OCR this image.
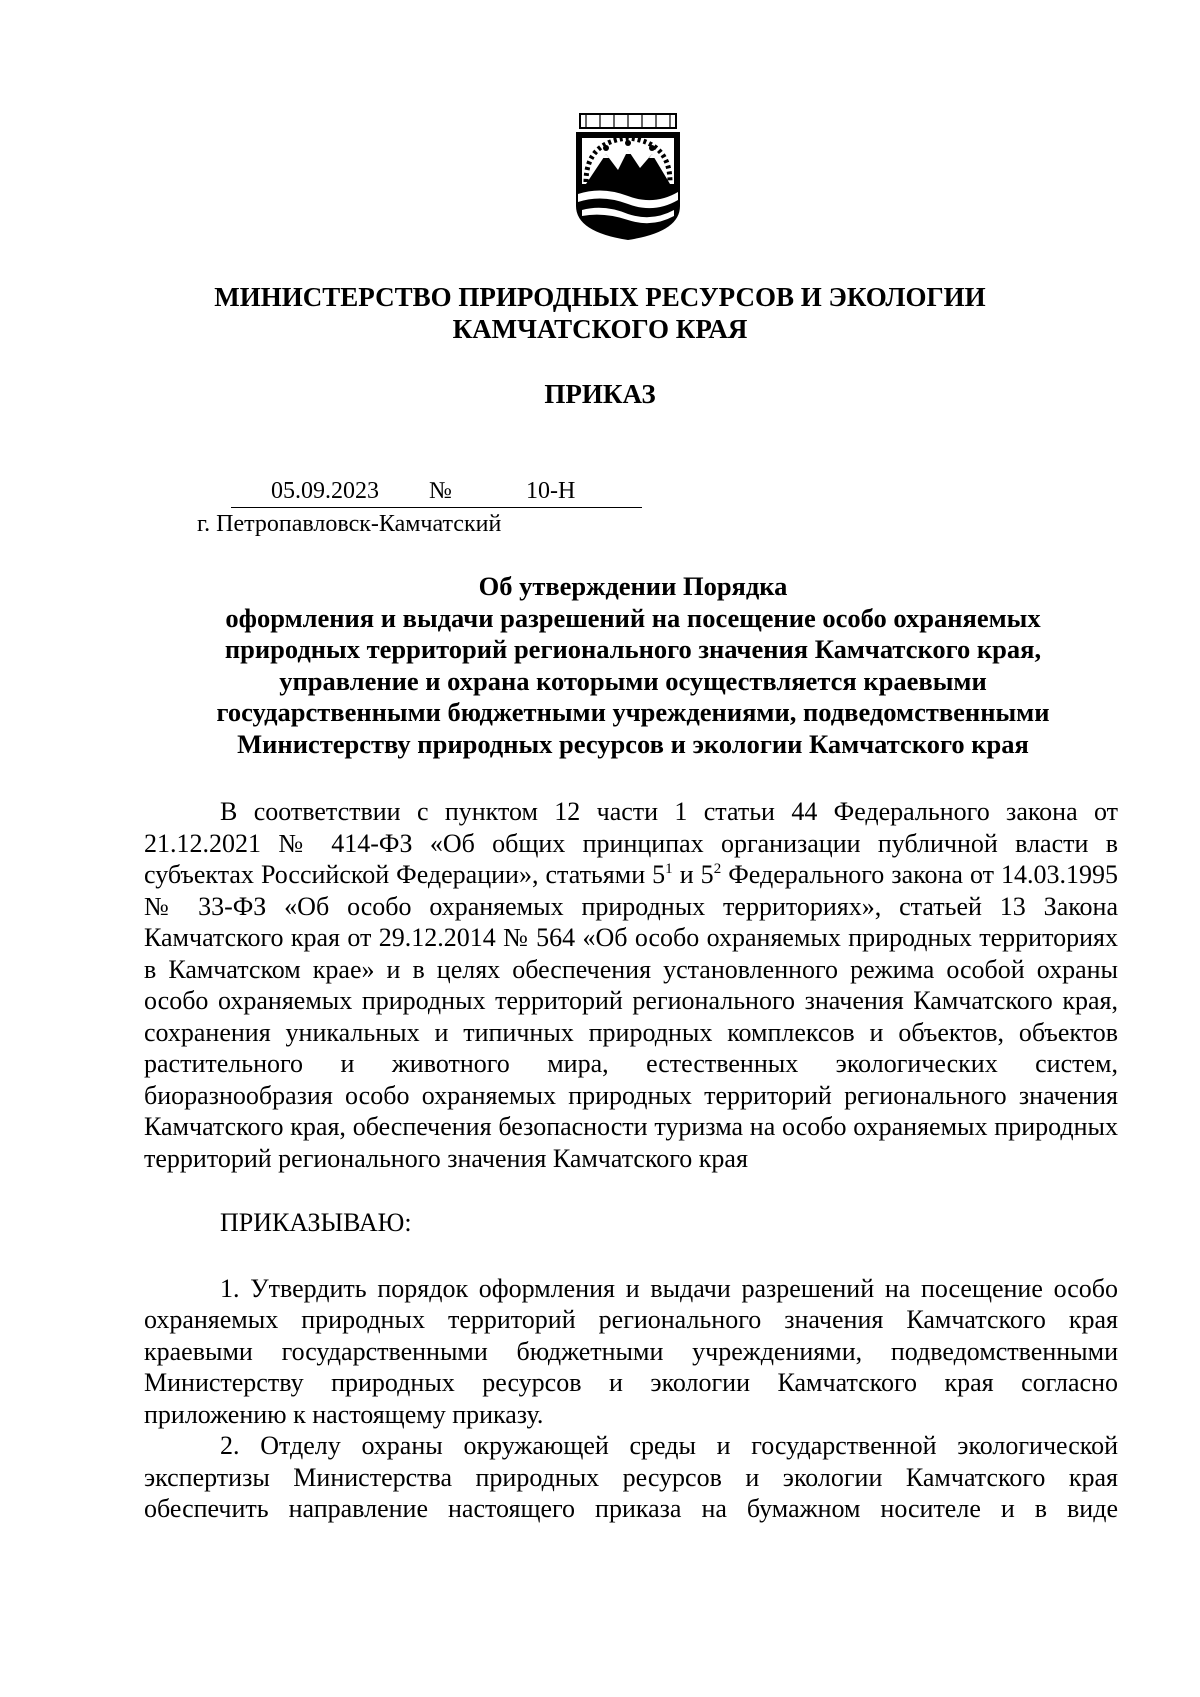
МИНИСТЕРСТВО ПРИРОДНЫХ РЕСУРСОВ И ЭКОЛОГИИ
КАМЧАТСКОГО КРАЯ
ПРИКАЗ
05.09.2023 №	10-Н
г. Петропавловск-Камчатский
Об утверждении Порядка
оформления и выдачи разрешений на посещение особо охраняемых
природных территорий регионального значения Камчатского края,
управление и охрана которыми осуществляется краевыми
государственными бюджетными учреждениями, подведомственными
Министерству природных ресурсов и экологии Камчатского края

В соответствии с пунктом 12 части 1 статьи 44 Федерального закона от 21.12.2021 № 414-ФЗ «Об общих принципах организации публичной власти в субъектах Российской Федерации», статьями $5^1$ и $5^2$ Федерального закона от 14.03.1995 № 33-ФЗ «Об особо охраняемых природных территориях», статьей 13 Закона Камчатского края от 29.12.2014 № 564 «Об особо охраняемых природных территориях в Камчатском крае» и в целях обеспечения установленного режима особой охраны особо охраняемых природных территорий регионального значения Камчатского края, сохранения уникальных и типичных природных комплексов и объектов, объектов растительного и животного мира, естественных экологических систем, биоразнообразия особо охраняемых природных территорий регионального значения Камчатского края, обеспечения безопасности туризма на особо охраняемых природных территорий регионального значения Камчатского края

ПРИКАЗЫВАЮ:

1. Утвердить порядок оформления и выдачи разрешений на посещение особо охраняемых природных территорий регионального значения Камчатского края краевыми государственными бюджетными учреждениями, подведомственными Министерству природных ресурсов и экологии Камчатского края согласно приложению к настоящему приказу.

2. Отделу охраны окружающей среды и государственной экологической экспертизы Министерства природных ресурсов и экологии Камчатского края обеспечить направление настоящего приказа на бумажном носителе и в виде
